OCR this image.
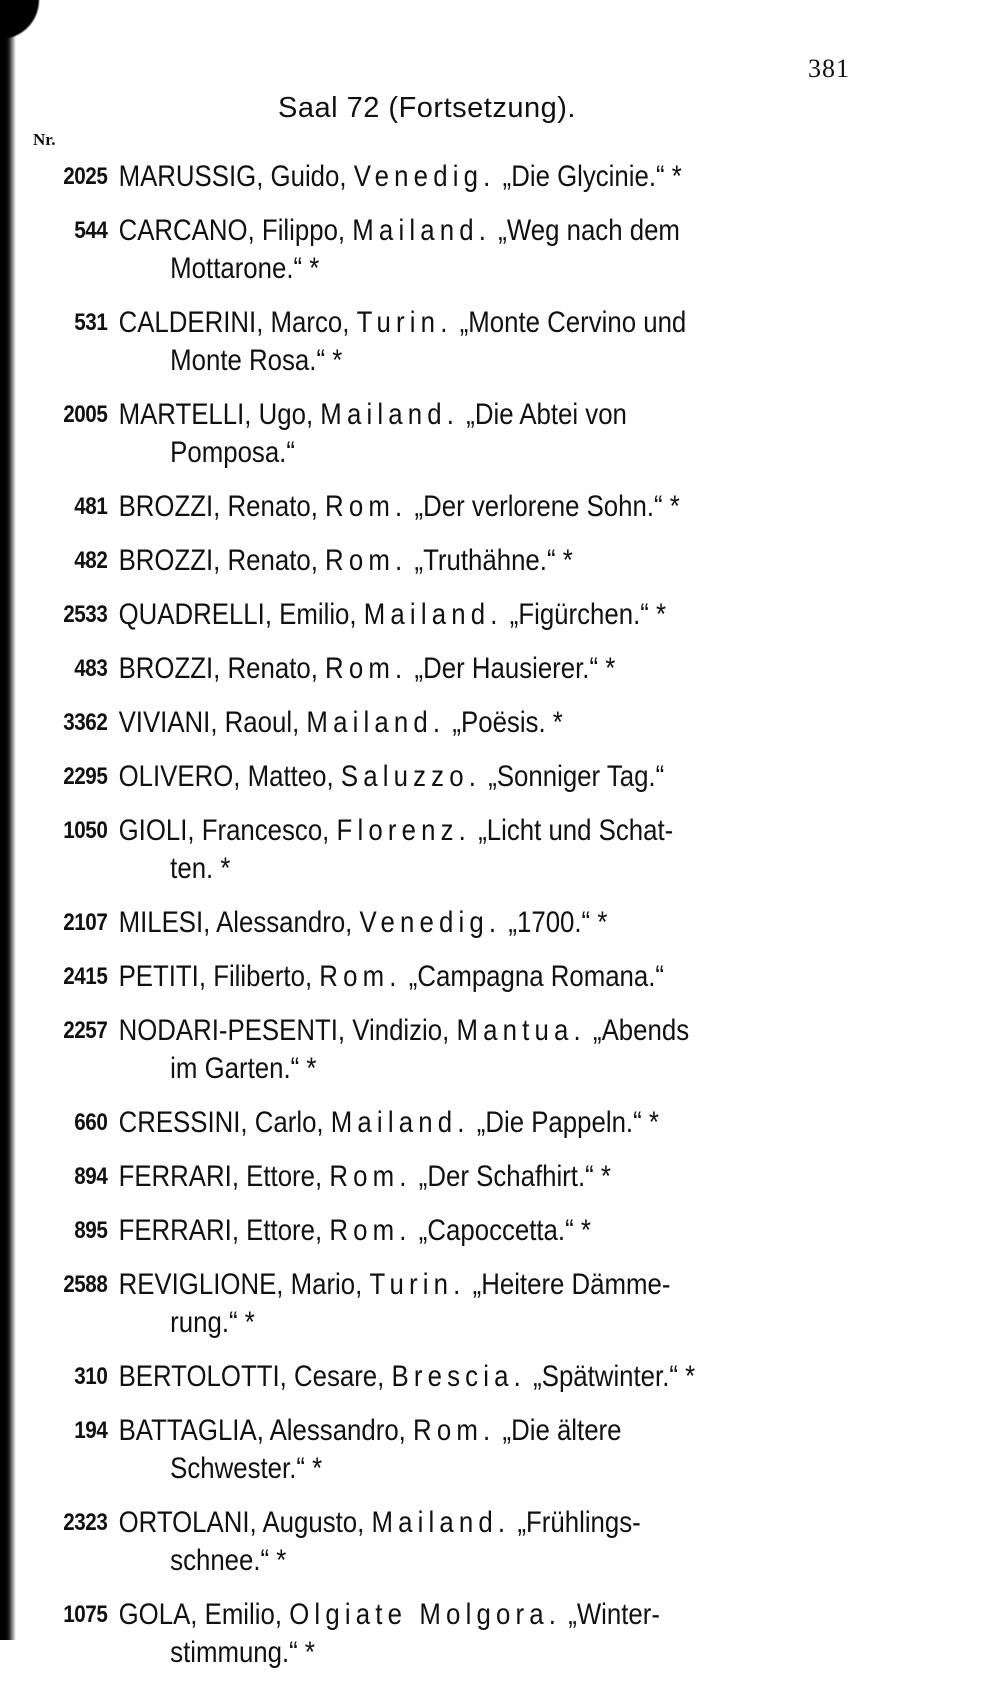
381
Saal 72 (Fortsetzung).
Nr.
2025 MARUSSIG, Guido, Venedig. „Die Glycinie.“ *
544 CARCANO, Filippo, Mailand. „Weg nach dem
Mottarone.“ *
531 CALDERINI, Marco, Turin. „Monte Cervino und
Monte Rosa.“ *
2005 MARTELLI, Ugo, Mailand. „Die Abtei von
Pomposa.“
481 BROZZI, Renato, Rom. „Der verlorene Sohn.“ *
482 BROZZI, Renato, Rom. „Truthähne.“ *
2533 QUADRELLI, Emilio, Mailand. „Figürchen.“ *
483 BROZZI, Renato, Rom. „Der Hausierer.“ *
3362 VIVIANI, Raoul, Mailand. „Poësis. *
2295 OLIVERO, Matteo, Saluzzo. „Sonniger Tag.“
1050 GIOLI, Francesco, Florenz. „Licht und Schat-
ten. *
2107 MILESI, Alessandro, Venedig. „1700.“ *
2415 PETITI, Filiberto, Rom. „Campagna Romana.“
2257 NODARI-PESENTI, Vindizio, Mantua. „Abends
im Garten.“ *
660 CRESSINI, Carlo, Mailand. „Die Pappeln.“ *
894 FERRARI, Ettore, Rom. „Der Schafhirt.“ *
895 FERRARI, Ettore, Rom. „Capoccetta.“ *
2588 REVIGLIONE, Mario, Turin. „Heitere Dämme-
rung.“ *
310 BERTOLOTTI, Cesare, Brescia. „Spätwinter.“ *
194 BATTAGLIA, Alessandro, Rom. „Die ältere
Schwester.“ *
2323 ORTOLANI, Augusto, Mailand. „Frühlings-
schnee.“ *
1075 GOLA, Emilio, Olgiate Molgora. „Winter-
stimmung.“ *
